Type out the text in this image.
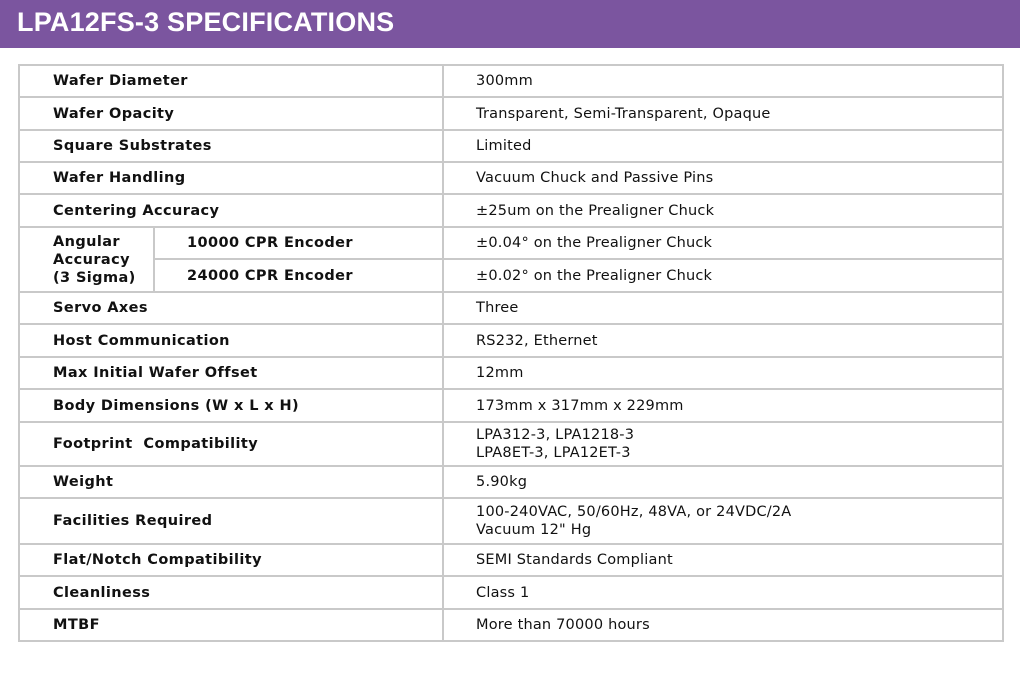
LPA12FS-3 SPECIFICATIONS
Wafer Diameter		300mm
Wafer Opacity		Transparent, Semi-Transparent, Opaque
Square Substrates		Limited
Wafer Handling		Vacuum Chuck and Passive Pins
Centering Accuracy		±25um on the Prealigner Chuck

Angular
Accuracy
(3 Sigma)	10000 CPR Encoder	±0.04° on the Prealigner Chuck
	24000 CPR Encoder	±0.02° on the Prealigner Chuck
Servo Axes		Three
Host Communication		RS232, Ethernet
Max Initial Wafer Offset		12mm
Body Dimensions (W x L x H)		173mm x 317mm x 229mm
Footprint  Compatibility		LPA312-3, LPA1218-3
LPA8ET-3, LPA12ET-3

Weight		5.90kg
Facilities Required		100-240VAC, 50/60Hz, 48VA, or 24VDC/2A
Vacuum 12" Hg

Flat/Notch Compatibility		SEMI Standards Compliant
Cleanliness		Class 1
MTBF		More than 70000 hours
